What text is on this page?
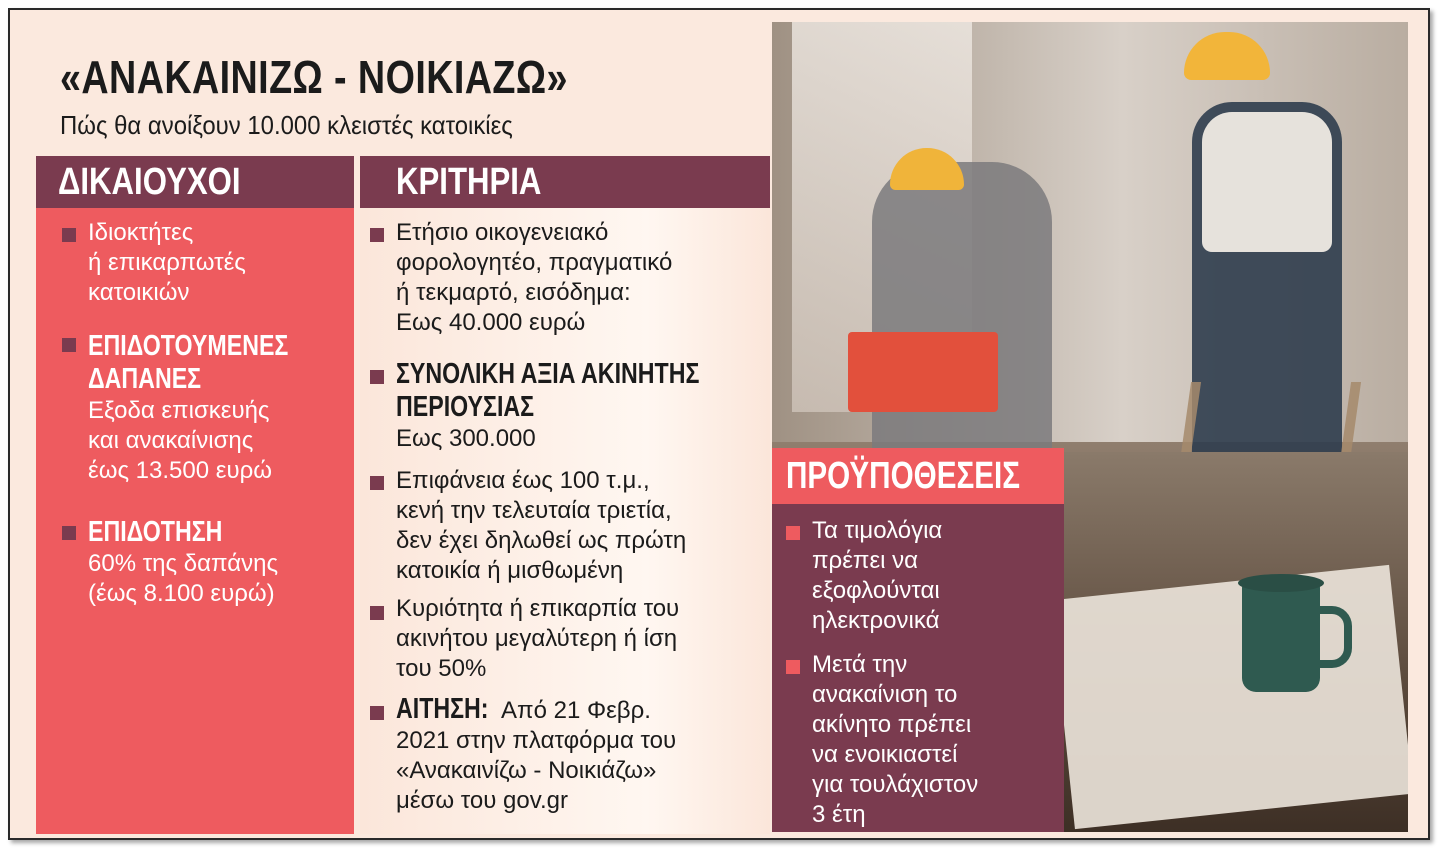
«ΑΝΑΚΑΙΝΙΖΩ - ΝΟΙΚΙΑΖΩ»
Πώς θα ανοίξουν 10.000 κλειστές κατοικίες
ΔΙΚΑΙΟΥΧΟΙ
Ιδιοκτήτες
ή επικαρπωτές
κατοικιών
ΕΠΙΔΟΤΟΥΜΕΝΕΣ
ΔΑΠΑΝΕΣ
Εξοδα επισκευής
και ανακαίνισης
έως 13.500 ευρώ
ΕΠΙΔΟΤΗΣΗ
60% της δαπάνης
(έως 8.100 ευρώ)
ΚΡΙΤΗΡΙΑ
Ετήσιο οικογενειακό
φορολογητέο, πραγματικό
ή τεκμαρτό, εισόδημα:
Εως 40.000 ευρώ
ΣΥΝΟΛΙΚΗ ΑΞΙΑ ΑΚΙΝΗΤΗΣ
ΠΕΡΙΟΥΣΙΑΣ
Εως 300.000
Επιφάνεια έως 100 τ.μ.,
κενή την τελευταία τριετία,
δεν έχει δηλωθεί ως πρώτη
κατοικία ή μισθωμένη
Κυριότητα ή επικαρπία του
ακινήτου μεγαλύτερη ή ίση
του 50%
ΑΙΤΗΣΗ: Από 21 Φεβρ.
2021 στην πλατφόρμα του
«Ανακαινίζω - Νοικιάζω»
μέσω του gov.gr
ΠΡΟΫΠΟΘΕΣΕΙΣ
Τα τιμολόγια
πρέπει να
εξοφλούνται
ηλεκτρονικά
Μετά την
ανακαίνιση το
ακίνητο πρέπει
να ενοικιαστεί
για τουλάχιστον
3 έτη
